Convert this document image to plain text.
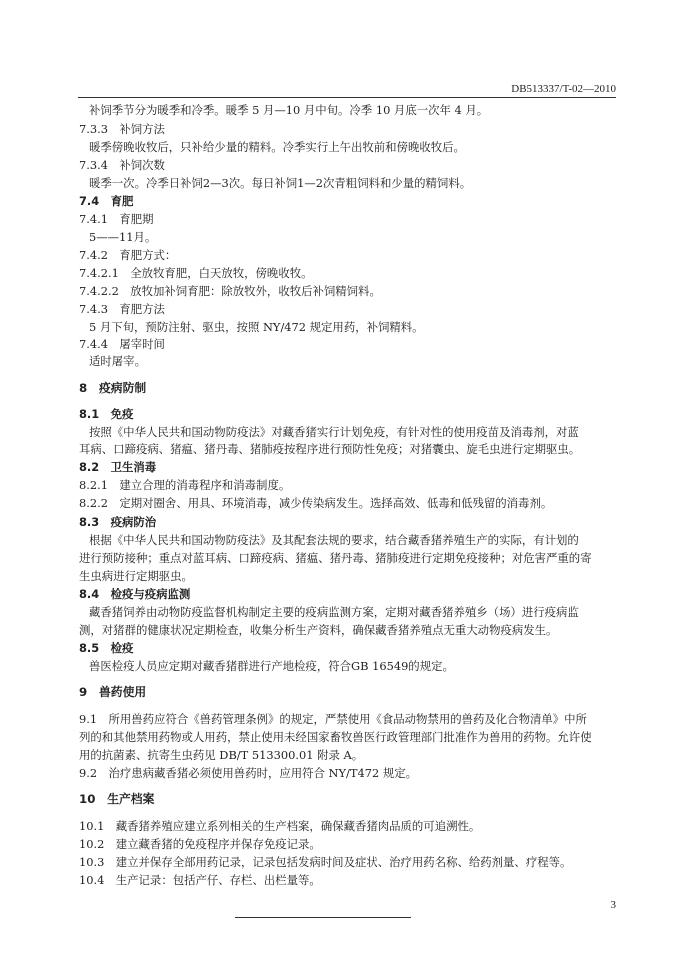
DB513337/T-02—2010
补饲季节分为暖季和冷季。暖季 5 月—10 月中旬。冷季 10 月底一次年 4 月。
7.3.3　补饲方法
暖季傍晚收牧后，只补给少量的精料。冷季实行上午出牧前和傍晚收牧后。
7.3.4　补饲次数
暖季一次。冷季日补饲2—3次。每日补饲1—2次青粗饲料和少量的精饲料。
7.4　育肥
7.4.1　育肥期
5——11月。
7.4.2　育肥方式：
7.4.2.1　全放牧育肥，白天放牧，傍晚收牧。
7.4.2.2　放牧加补饲育肥：除放牧外，收牧后补饲精饲料。
7.4.3　育肥方法
5 月下旬，预防注射、驱虫，按照 NY/472 规定用药，补饲精料。
7.4.4　屠宰时间
适时屠宰。
8　疫病防制
8.1　免疫
按照《中华人民共和国动物防疫法》对藏香猪实行计划免疫，有针对性的使用疫苗及消毒剂，对蓝
耳病、口蹄疫病、猪瘟、猪丹毒、猪肺疫按程序进行预防性免疫；对猪囊虫、旋毛虫进行定期驱虫。
8.2　卫生消毒
8.2.1　建立合理的消毒程序和消毒制度。
8.2.2　定期对圈舍、用具、环境消毒，减少传染病发生。选择高效、低毒和低残留的消毒剂。
8.3　疫病防治
根据《中华人民共和国动物防疫法》及其配套法规的要求，结合藏香猪养殖生产的实际，有计划的
进行预防接种；重点对蓝耳病、口蹄疫病、猪瘟、猪丹毒、猪肺疫进行定期免疫接种；对危害严重的寄
生虫病进行定期驱虫。
8.4　检疫与疫病监测
藏香猪饲养由动物防疫监督机构制定主要的疫病监测方案，定期对藏香猪养殖乡（场）进行疫病监
测，对猪群的健康状况定期检查，收集分析生产资料，确保藏香猪养殖点无重大动物疫病发生。
8.5　检疫
兽医检疫人员应定期对藏香猪群进行产地检疫，符合GB 16549的规定。
9　兽药使用
9.1　所用兽药应符合《兽药管理条例》的规定，严禁使用《食品动物禁用的兽药及化合物清单》中所
列的和其他禁用药物或人用药，禁止使用未经国家畜牧兽医行政管理部门批准作为兽用的药物。允许使
用的抗菌素、抗寄生虫药见 DB/T 513300.01 附录 A。
9.2　治疗患病藏香猪必须使用兽药时，应用符合 NY/T472 规定。
10　生产档案
10.1　藏香猪养殖应建立系列相关的生产档案，确保藏香猪肉品质的可追溯性。
10.2　建立藏香猪的免疫程序并保存免疫记录。
10.3　建立并保存全部用药记录，记录包括发病时间及症状、治疗用药名称、给药剂量、疗程等。
10.4　生产记录：包括产仔、存栏、出栏量等。
3
